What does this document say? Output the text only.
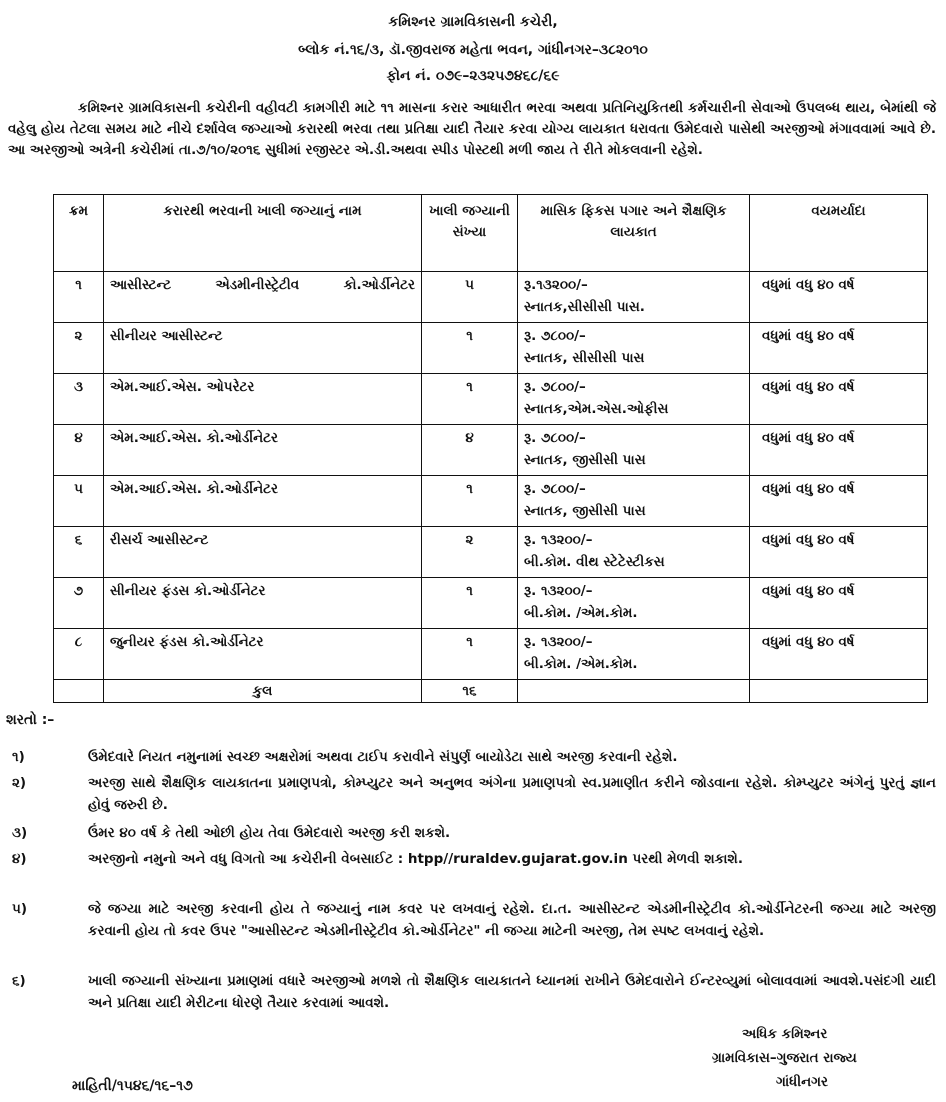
કમિશ્નર ગ્રામવિકાસની કચેરી,
બ્લોક નં.૧૬/૩, ડૉ.જીવરાજ મહેતા ભવન, ગાંધીનગર–૩૮૨૦૧૦
ફોન નં. ૦૭૯–૨૩૨૫૭૪૬૮/૬૯
કમિશ્નર ગ્રામવિકાસની કચેરીની વહીવટી કામગીરી માટે ૧૧ માસના કરાર આધારીત ભરવા અથવા પ્રતિનિયુકિતથી કર્મચારીની સેવાઓ ઉપલબ્ધ થાય, બેમાંથી જે વહેલુ હોય તેટલા સમય માટે નીચે દર્શાવેલ જગ્યાઓ કરારથી ભરવા તથા પ્રતિક્ષા યાદી તૈયાર કરવા યોગ્ય લાયકાત ધરાવતા ઉમેદવારો પાસેથી અરજીઓ મંગાવવામાં આવે છે. આ અરજીઓ અત્રેની કચેરીમાં તા.૭/૧૦/૨૦૧૬ સુધીમાં રજીસ્ટર એ.ડી.અથવા સ્પીડ પોસ્ટથી મળી જાય તે રીતે મોકલવાની રહેશે.
ક્રમ	કરારથી ભરવાની ખાલી જગ્યાનું નામ	ખાલી જગ્યાની સંખ્યા	માસિક ફિકસ પગાર અને શૈક્ષણિક લાયકાત	વયમર્યાદા
૧	આસીસ્ટન્ટ એડમીનીસ્ટ્રેટીવ કો.ઓર્ડીનેટર	૫	રૂ.૧૩૨૦૦/–
સ્નાતક,સીસીસી પાસ.	વધુમાં વધુ ૪૦ વર્ષ
૨	સીનીયર આસીસ્ટન્ટ	૧	રૂ. ૭૮૦૦/–
સ્નાતક, સીસીસી પાસ	વધુમાં વધુ ૪૦ વર્ષ
૩	એમ.આઈ.એસ. ઓપરેટર	૧	રૂ. ૭૮૦૦/–
સ્નાતક,એમ.એસ.ઓફીસ	વધુમાં વધુ ૪૦ વર્ષ
૪	એમ.આઈ.એસ. કો.ઓર્ડીનેટર	૪	રૂ. ૭૮૦૦/–
સ્નાતક, જીસીસી પાસ	વધુમાં વધુ ૪૦ વર્ષ
૫	એમ.આઈ.એસ. કો.ઓર્ડીનેટર	૧	રૂ. ૭૮૦૦/–
સ્નાતક, જીસીસી પાસ	વધુમાં વધુ ૪૦ વર્ષ
૬	રીસર્ચ આસીસ્ટન્ટ	૨	રૂ. ૧૩૨૦૦/–
બી.કોમ. વીથ સ્ટેટેસ્ટીકસ	વધુમાં વધુ ૪૦ વર્ષ
૭	સીનીયર ફંડસ કો.ઓર્ડીનેટર	૧	રૂ. ૧૩૨૦૦/–
બી.કોમ. /એમ.કોમ.	વધુમાં વધુ ૪૦ વર્ષ
૮	જુનીયર ફંડસ કો.ઓર્ડીનેટર	૧	રૂ. ૧૩૨૦૦/–
બી.કોમ. /એમ.કોમ.	વધુમાં વધુ ૪૦ વર્ષ
	કુલ	૧૬		
શરતો :–
૧)	ઉમેદવારે નિયત નમુનામાં સ્વચ્છ અક્ષરોમાં અથવા ટાઈપ કરાવીને સંપુર્ણ બાયોડેટા સાથે અરજી કરવાની રહેશે.
૨)	અરજી સાથે શૈક્ષણિક લાયકાતના પ્રમાણપત્રો, કોમ્પ્યુટર અને અનુભવ અંગેના પ્રમાણપત્રો સ્વ.પ્રમાણીત કરીને જોડવાના રહેશે. કોમ્પ્યુટર અંગેનું પુરતું જ્ઞાન હોવું જરુરી છે.
૩)	ઉંમર ૪૦ વર્ષ કે તેથી ઓછી હોય તેવા ઉમેદવારો અરજી કરી શકશે.
૪)	અરજીનો નમુનો અને વધુ વિગતો આ કચેરીની વેબસાઈટ : htpp//ruraldev.gujarat.gov.in પરથી મેળવી શકાશે.
૫)	જે જગ્યા માટે અરજી કરવાની હોય તે જગ્યાનું નામ કવર પર લખવાનું રહેશે. દા.ત. આસીસ્ટન્ટ એડમીનીસ્ટ્રેટીવ કો.ઓર્ડીનેટરની જગ્યા માટે અરજી કરવાની હોય તો કવર ઉપર "આસીસ્ટન્ટ એડમીનીસ્ટ્રેટીવ કો.ઓર્ડીનેટર" ની જગ્યા માટેની અરજી, તેમ સ્પષ્ટ લખવાનું રહેશે.
૬)	ખાલી જગ્યાની સંખ્યાના પ્રમાણમાં વધારે અરજીઓ મળશે તો શૈક્ષણિક લાયકાતને ધ્યાનમાં રાખીને ઉમેદવારોને ઈન્ટરવ્યુમાં બોલાવવામાં આવશે.પસંદગી યાદી અને પ્રતિક્ષા યાદી મેરીટના ધોરણે તૈયાર કરવામાં આવશે.
અધિક કમિશ્નર
ગ્રામવિકાસ–ગુજરાત રાજ્ય
ગાંધીનગર
માહિતી/૧૫૪૬/૧૬–૧૭
